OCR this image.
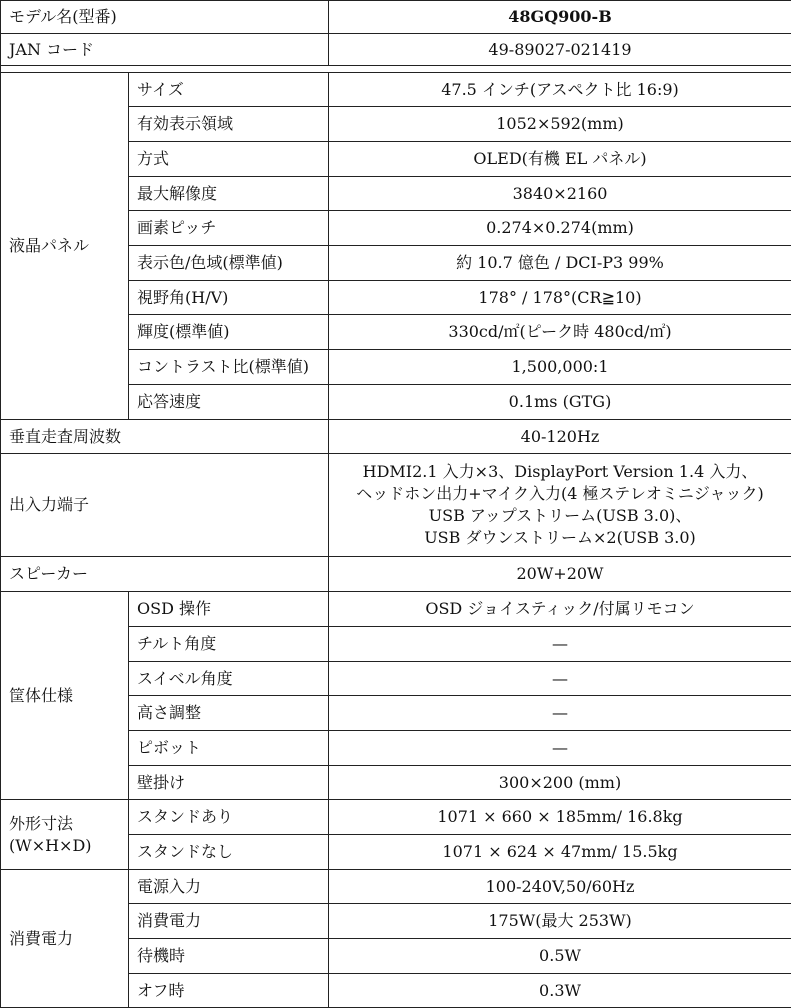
モデル名(型番)		48GQ900-B
JAN コード		49-89027-021419

液晶パネル	サイズ	47.5 インチ(アスペクト比 16:9)
	有効表示領域	1052×592(mm)
	方式	OLED(有機 EL パネル)
	最大解像度	3840×2160
	画素ピッチ	0.274×0.274(mm)
	表示色/色域(標準値)	約 10.7 億色 / DCI-P3 99%
	視野角(H/V)	178° / 178°(CR≧10)
	輝度(標準値)	330cd/㎡(ピーク時 480cd/㎡)
	コントラスト比(標準値)	1,500,000:1
	応答速度	0.1ms (GTG)
垂直走査周波数		40-120Hz
出入力端子		HDMI2.1 入力×3、DisplayPort Version 1.4 入力、
ヘッドホン出力+マイク入力(4 極ステレオミニジャック)
USB アップストリーム(USB 3.0)、
USB ダウンストリーム×2(USB 3.0)

スピーカー		20W+20W
筐体仕様	OSD 操作	OSD ジョイスティック/付属リモコン
	チルト角度	—
	スイベル角度	—
	高さ調整	—
	ピボット	—
	壁掛け	300×200 (mm)

外形寸法
(W×H×D)	スタンドあり	1071 × 660 × 185mm/ 16.8kg
	スタンドなし	1071 × 624 × 47mm/ 15.5kg
消費電力	電源入力	100-240V,50/60Hz
	消費電力	175W(最大 253W)
	待機時	0.5W
	オフ時	0.3W
